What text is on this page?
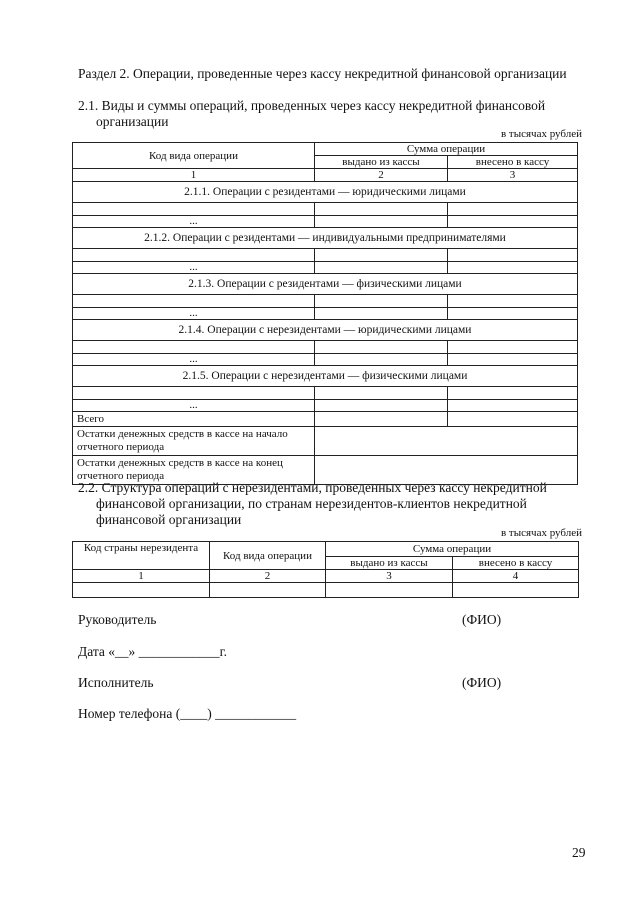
Раздел 2. Операции, проведенные через кассу некредитной финансовой организации
2.1. Виды и суммы операций, проведенных через кассу некредитной финансовой
организации
в тысячах рублей
Код вида операции	Сумма операции	
	выдано из кассы	внесено в кассу
1	2	3
2.1.1. Операции с резидентами — юридическими лицами		

...		
2.1.2. Операции с резидентами — индивидуальными предпринимателями		

...		
2.1.3. Операции с резидентами — физическими лицами		

...		
2.1.4. Операции с нерезидентами — юридическими лицами		

...		
2.1.5. Операции с нерезидентами — физическими лицами		

...		
Всего		
Остатки денежных средств в кассе на начало отчетного периода		
Остатки денежных средств в кассе на конец отчетного периода		
2.2. Структура операций с нерезидентами, проведенных через кассу некредитной
финансовой организации, по странам нерезидентов-клиентов некредитной
финансовой организации
в тысячах рублей
Код страны нерезидента	Код вида операции	Сумма операции	
		выдано из кассы	внесено в кассу
1	2	3	4

Руководитель	(ФИО)
Дата «__» ____________г.
Исполнитель	(ФИО)
Номер телефона (____) ____________
29
